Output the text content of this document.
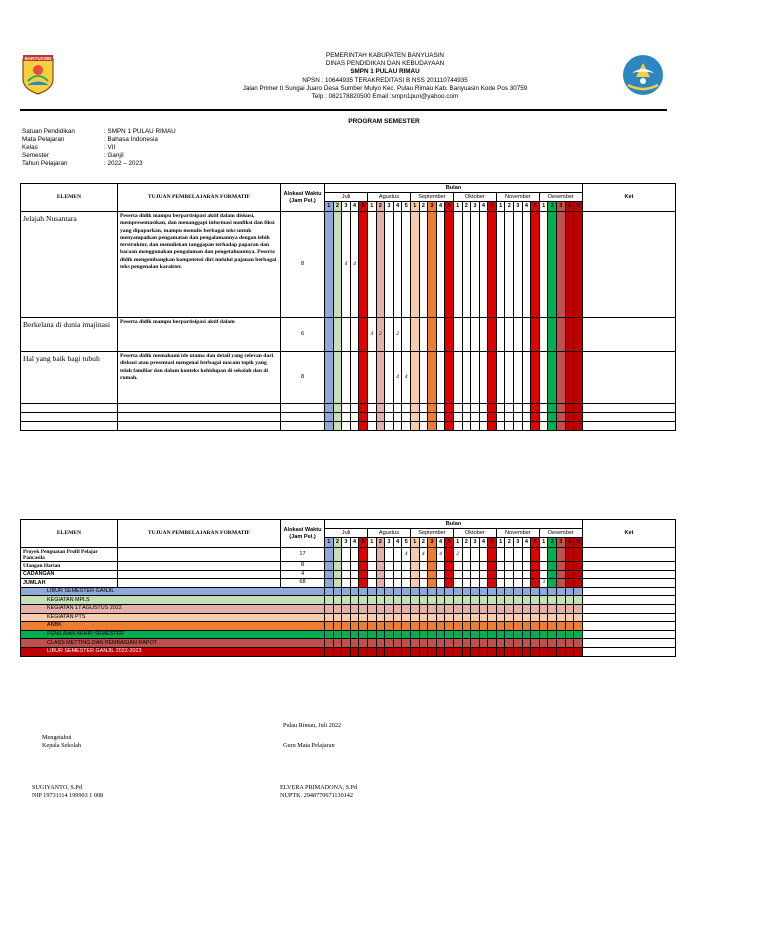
BANYUASIN	PEMERINTAH KABUPATEN BANYUASIN
DINAS PENDIDIKAN DAN KEBUDAYAAN
SMPN 1 PULAU RIMAU
NPSN : 10644935 TERAKREDITASI B NSS 201110744935
Jalan Primer II Sungai Juaro Desa Sumber Mulyo Kec. Pulau Rimau Kab. Banyuasin Kode Pos 30759
Telp : 082178820500 Email :smpn1puri@yahoo.com
PROGRAM SEMESTER
Satuan Pendidikan	: SMPN 1 PULAU RIMAU
Mata Pelajaran	: Bahasa Indonesia
Kelas	: VII
Semester	: Ganjil
Tahun Pelajaran	: 2022 – 2023
ELEMEN	TUJUAN PEMBELAJARAN FORMATIF	Alokasi Waktu (Jam Pel.)	Bulan																														Ket
			Juli					Agustus					September					Oktober					November					Desember					
			1	2	3	4	5	1	2	3	4	5	1	2	3	4	5	1	2	3	4	5	1	2	3	4	5	1	2	3	4	5	
Jelajah Nusantara	Peserta didik mampu berpartisipasi aktif dalam diskusi, mempresentasikan, dan menanggapi informasi nonfiksi dan fiksi yang dipaparkan, mampu menulis berbagai teks untuk menyampaikan pengamatan dan pengalamannya dengan lebih terstruktur, dan menuliskan tanggapan terhadap paparan dan bacaan menggunakan pengalaman dan pengetahuannya. Peserta didik mengembangkan kompetensi diri melalui pajanan berbagai teks pengenalan karakter.	8			4	4																											
Berkelana di dunia imajinasi	Peserta didik mampu berpartisipasi aktif dalam	6						4	2		2																						
Hal yang baik bagi tubuh	Peserta didik memahami ide utama dan detail yang relevan dari diskusi atau presentasi mengenai berbagai macam topik yang telah familiar dan dalam konteks kehidupan di sekolah dan di rumah.	8									4	4																					

ELEMEN	TUJUAN PEMBELAJARAN FORMATIF	Alokasi Waktu (Jam Pel.)	Bulan																														Ket
			Juli					Agustus					September					Oktober					November					Desember					
			1	2	3	4	5	1	2	3	4	5	1	2	3	4	5	1	2	3	4	5	1	2	3	4	5	1	2	3	4	5	
Proyek Penguatan Profil Pelajar Pancasila		17										4		4		4		2															
Ulangan Harian		8																															
CADANGAN		4																															
JUMLAH		68																										3					
LIBUR SEMESTER GANJIL																																	
KEGIATAN MPLS																																	
KEGIATAN 17 AGUSTUS 2022																																	
KEGIATAN PTS																																	
ANBK																																	
PENILAIAN AKHIR SEMESTER																																	
CLASS METTING DAN PEMBAGIAN RAPOT																																	
LIBUR SEMESTER GANJIL 2022-2023																																	
Pulau Rimau, Juli 2022
Mengetahui
Kepala Sekolah	Guru Mata Pelajaran
SUGIYANTO, S.Pd
NIP 19731114 199903 1 008
ELVERA PRIMADONA, S.Pd
NUPTK. 2948770671130142
